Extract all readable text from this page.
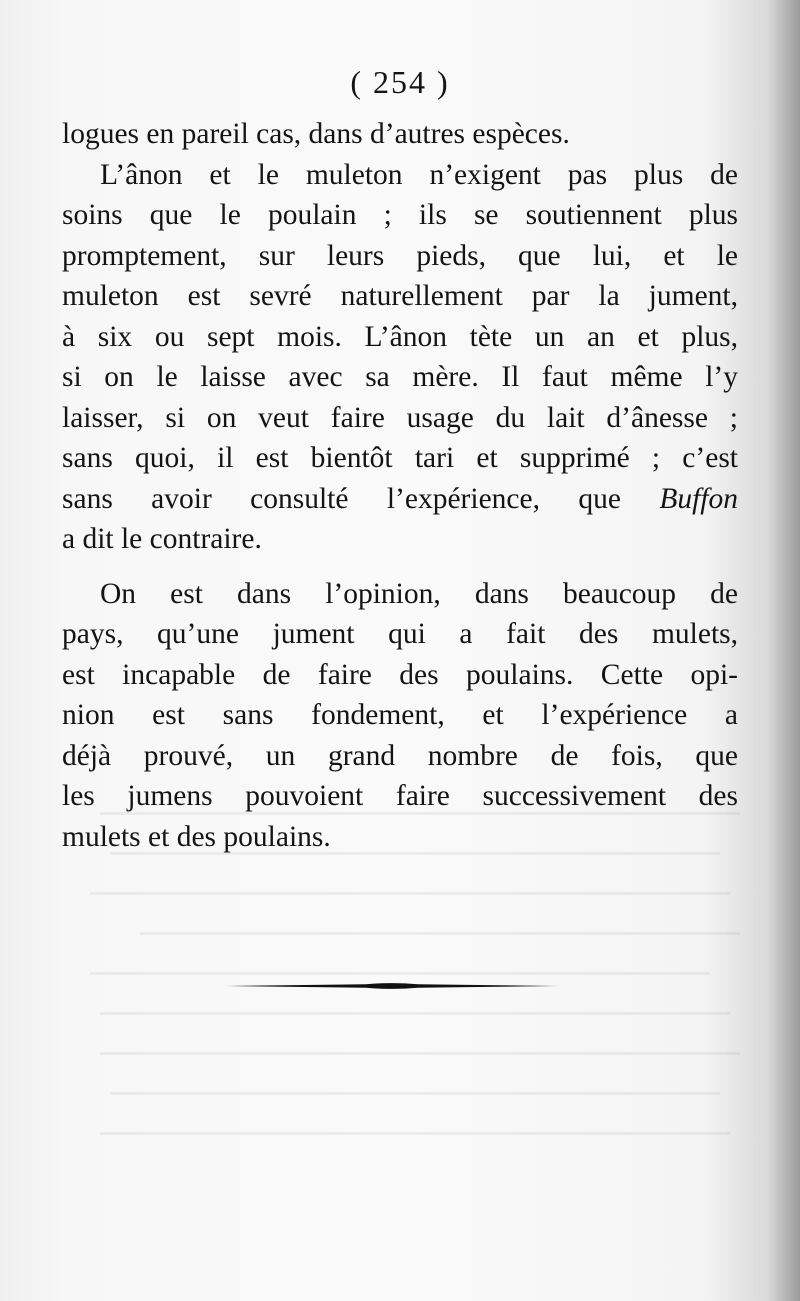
( 254 )

logues en pareil cas, dans d’autres espèces.

L’ânon et le muleton n’exigent pas plus de
soins que le poulain ; ils se soutiennent plus
promptement, sur leurs pieds, que lui, et le
muleton est sevré naturellement par la jument,
à six ou sept mois. L’ânon tète un an et plus,
si on le laisse avec sa mère. Il faut même l’y
laisser, si on veut faire usage du lait d’ânesse ;
sans quoi, il est bientôt tari et supprimé ; c’est
sans avoir consulté l’expérience, que Buffon
a dit le contraire.

On est dans l’opinion, dans beaucoup de
pays, qu’une jument qui a fait des mulets,
est incapable de faire des poulains. Cette opi-
nion est sans fondement, et l’expérience a
déjà prouvé, un grand nombre de fois, que
les jumens pouvoient faire successivement des
mulets et des poulains.
